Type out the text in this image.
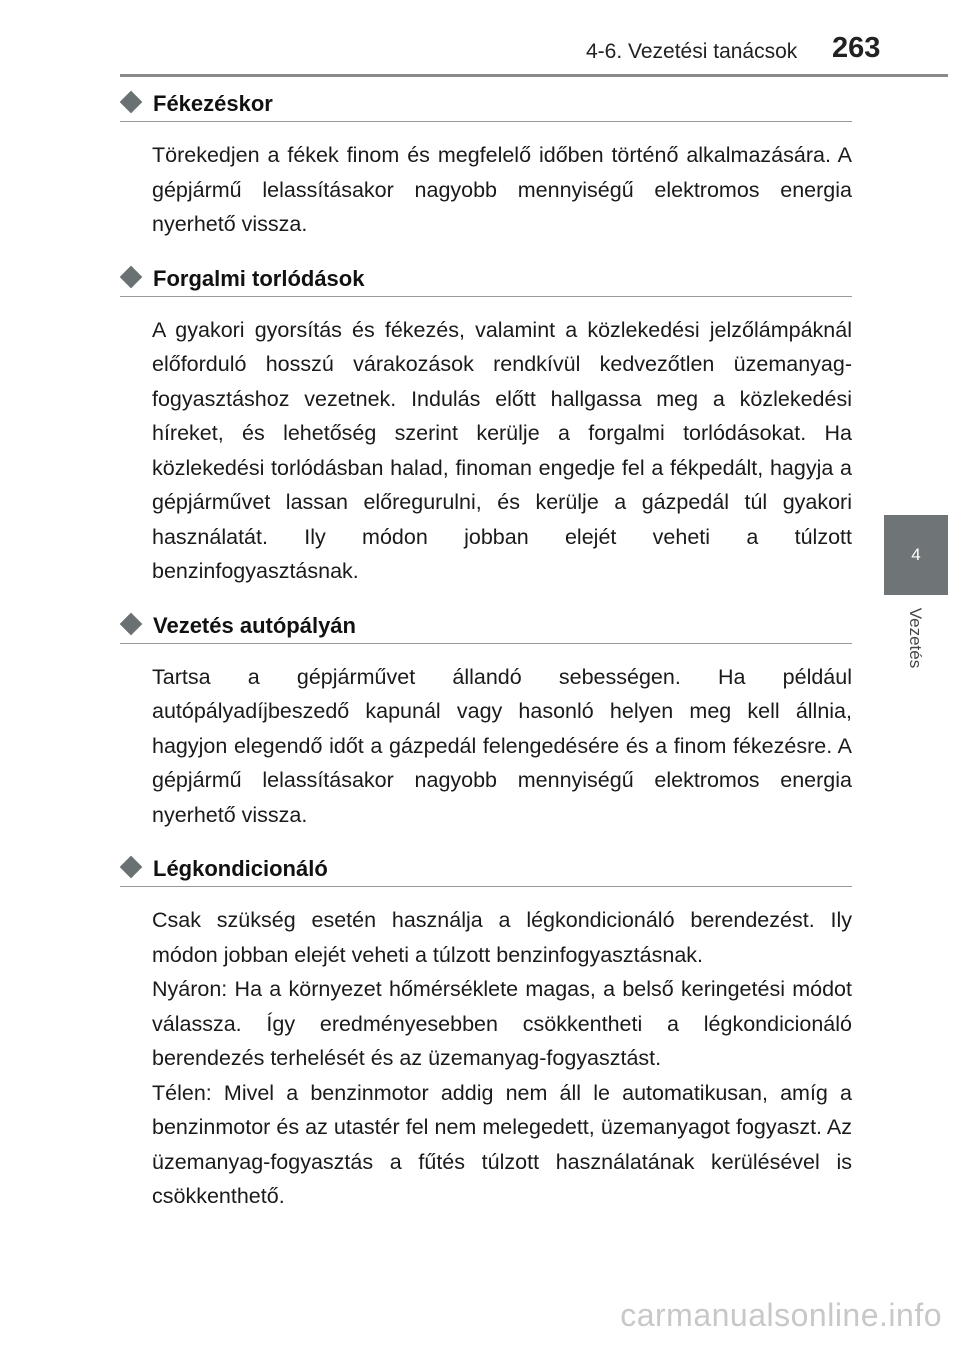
4-6. Vezetési tanácsok 263
4
Vezetés
Fékezéskor

Törekedjen a fékek finom és megfelelő időben történő alkalmazására. A gépjármű lelassításakor nagyobb mennyiségű elektromos energia nyerhető vissza.

Forgalmi torlódások

A gyakori gyorsítás és fékezés, valamint a közlekedési jelzőlámpáknál előforduló hosszú várakozások rendkívül kedvezőtlen üzemanyag-fogyasztáshoz vezetnek. Indulás előtt hallgassa meg a közlekedési híreket, és lehetőség szerint kerülje a forgalmi torlódásokat. Ha közlekedési torlódásban halad, finoman engedje fel a fékpedált, hagyja a gépjárművet lassan előregurulni, és kerülje a gázpedál túl gyakori használatát. Ily módon jobban elejét veheti a túlzott benzinfogyasztásnak.

Vezetés autópályán

Tartsa a gépjárművet állandó sebességen. Ha például autópályadíjbeszedő kapunál vagy hasonló helyen meg kell állnia, hagyjon elegendő időt a gázpedál felengedésére és a finom fékezésre. A gépjármű lelassításakor nagyobb mennyiségű elektromos energia nyerhető vissza.

Légkondicionáló

Csak szükség esetén használja a légkondicionáló berendezést. Ily módon jobban elejét veheti a túlzott benzinfogyasztásnak.

Nyáron: Ha a környezet hőmérséklete magas, a belső keringetési módot válassza. Így eredményesebben csökkentheti a légkondicionáló berendezés terhelését és az üzemanyag-fogyasztást.

Télen: Mivel a benzinmotor addig nem áll le automatikusan, amíg a benzinmotor és az utastér fel nem melegedett, üzemanyagot fogyaszt. Az üzemanyag-fogyasztás a fűtés túlzott használatának kerülésével is csökkenthető.

carmanualsonline.info
